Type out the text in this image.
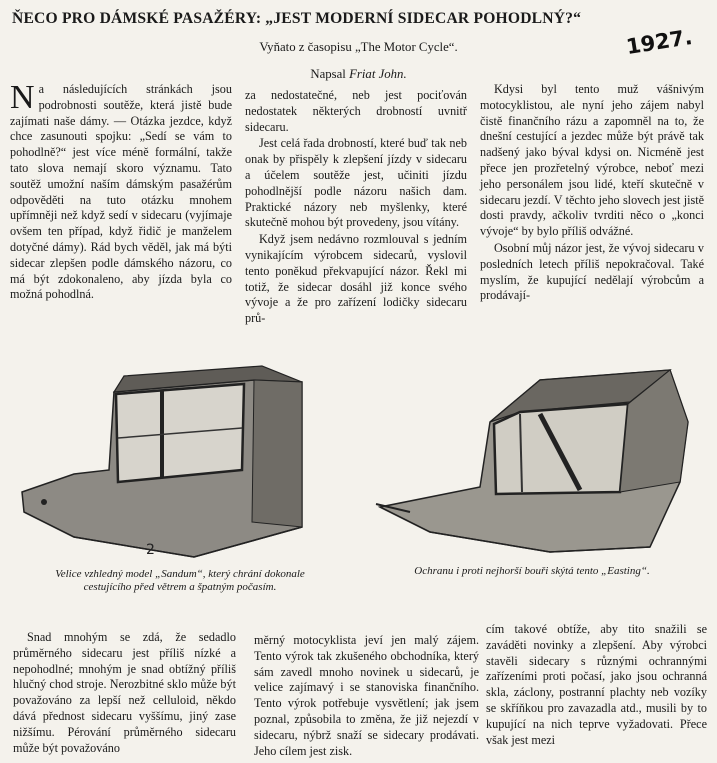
ŇECO PRO DÁMSKÉ PASAŽÉRY: „JEST MODERNÍ SIDECAR POHODLNÝ?“
1927.
Vyňato z časopisu „The Motor Cycle“.
Napsal Friat John.

Na následujících stránkách jsou podrobnosti soutěže, která jistě bude zajímati naše dámy. — Otázka jezdce, když chce zasunouti spojku: „Sedí se vám to pohodlně?“ jest více méně formální, takže tato slova nemají skoro významu. Tato soutěž umožní naším dámským pasažérům odpověděti na tuto otázku mnohem upřímněji než když sedí v sidecaru (vyjímaje ovšem ten případ, když řidič je manželem dotyčné dámy). Rád bych věděl, jak má býti sidecar zlepšen podle dámského názoru, co má být zdokonaleno, aby jízda byla co možná pohodlná.

za nedostatečné, neb jest pociťován nedostatek některých drobností uvnitř sidecaru.

Jest celá řada drobností, které buď tak neb onak by přispěly k zlepšení jízdy v sidecaru a účelem soutěže jest, učiniti jízdu pohodlnější podle názoru našich dam. Praktické názory neb myšlenky, které skutečně mohou být provedeny, jsou vítány.

Když jsem nedávno rozmlouval s jedním vynikajícím výrobcem sidecarů, vyslovil tento poněkud překvapující názor. Řekl mi totiž, že sidecar dosáhl již konce svého vývoje a že pro zařízení lodičky sidecaru prů-

Kdysi byl tento muž vášnivým motocyklistou, ale nyní jeho zájem nabyl čistě finančního rázu a zapomněl na to, že dnešní cestující a jezdec může být právě tak nadšený jako býval kdysi on. Nicméně jest přece jen prozřetelný výrobce, neboť mezi jeho personálem jsou lidé, kteří skutečně v sidecaru jezdí. V těchto jeho slovech jest jistě dosti pravdy, ačkoliv tvrditi něco o „konci vývoje“ by bylo příliš odvážné.

Osobní můj názor jest, že vývoj sidecaru v posledních letech příliš nepokračoval. Také myslím, že kupující nedělají výrobcům a prodávají-

2
Velice vzhledný model „Sandum“, který chrání dokonale
cestujícího před větrem a špatným počasím.
Ochranu i proti nejhorší bouři skýtá tento „Easting“.

Snad mnohým se zdá, že sedadlo průměrného sidecaru jest příliš nízké a nepohodlné; mnohým je snad obtížný příliš hlučný chod stroje. Nerozbitné sklo může být považováno za lepší než celluloid, někdo dává přednost sidecaru vyššímu, jiný zase nižšímu. Pérování průměrného sidecaru může být považováno

měrný motocyklista jeví jen malý zájem. Tento výrok tak zkušeného obchodníka, který sám zavedl mnoho novinek u sidecarů, je velice zajímavý i se stanoviska finančního. Tento výrok potřebuje vysvětlení; jak jsem poznal, způsobila to změna, že již nejezdí v sidecaru, nýbrž snaží se sidecary prodávati. Jeho cílem jest zisk.

cím takové obtíže, aby tito snažili se zaváděti novinky a zlepšení. Aby výrobci stavěli sidecary s různými ochrannými zařízeními proti počasí, jako jsou ochranná skla, záclony, postranní plachty neb vozíky se skříňkou pro zavazadla atd., musili by to kupující na nich teprve vyžadovati. Přece však jest mezi
